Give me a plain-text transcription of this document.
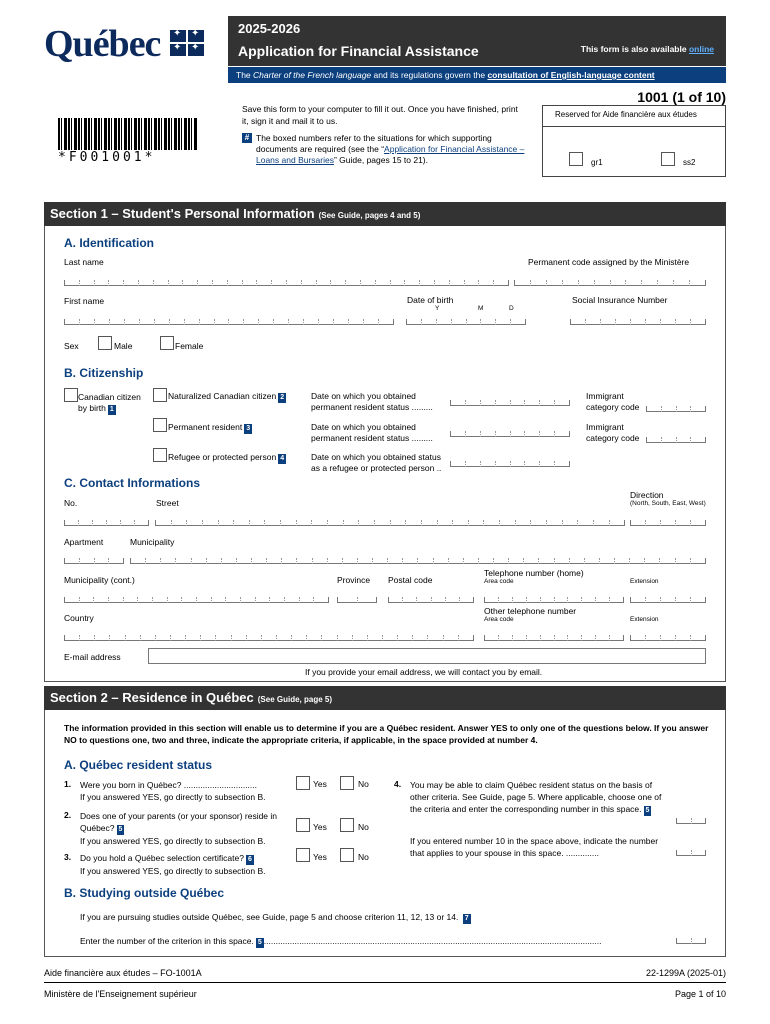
Québec
✦
✦
✦
✦	2025-2026
Application for Financial Assistance	This form is also available online
The Charter of the French language and its regulations govern the consultation of English-language content
1001 (1 of 10)
*F001001*
Save this form to your computer to fill it out. Once you have finished, print it, sign it and mail it to us.
# The boxed numbers refer to the situations for which supporting documents are required (see the “Application for Financial Assistance – Loans and Bursaries” Guide, pages 15 to 21).
Reserved for Aide financière aux études
gr1	ss2
Section 1 – Student's Personal Information (See Guide, pages 4 and 5)
A. Identification
Last name	Permanent code assigned by the Ministère
First name	Date of birth
Y	M	D
Social Insurance Number
Sex	Male	Female
B. Citizenship
Canadian citizen by birth 1
Naturalized Canadian citizen 2	Date on which you obtained permanent resident status .........
Immigrant category code
Permanent resident 3	Date on which you obtained permanent resident status .........
Immigrant category code
Refugee or protected person 4	Date on which you obtained status as a refugee or protected person ..
C. Contact Informations
No.	Street
Direction
(North, South, East, West)
Apartment	Municipality
Municipality (cont.)	Province Postal code
Telephone number (home)
Area code	Extension
Country
Other telephone number
Area code	Extension
E-mail address
If you provide your email address, we will contact you by email.
Section 2 – Residence in Québec (See Guide, page 5)
The information provided in this section will enable us to determine if you are a Québec resident. Answer YES to only one of the questions below. If you answer NO to questions one, two and three, indicate the appropriate criteria, if applicable, in the space provided at number 4.
A. Québec resident status
1. Were you born in Québec? ...............................
If you answered YES, go directly to subsection B.
Yes	No
2. Does one of your parents (or your sponsor) reside in Québec? 5
If you answered YES, go directly to subsection B.
Yes	No
3. Do you hold a Québec selection certificate? 6
If you answered YES, go directly to subsection B.
Yes	No
4. You may be able to claim Québec resident status on the basis of other criteria. See Guide, page 5. Where applicable, choose one of the criteria and enter the corresponding number in this space. 5
If you entered number 10 in the space above, indicate the number that applies to your spouse in this space. ..............
B. Studying outside Québec
If you are pursuing studies outside Québec, see Guide, page 5 and choose criterion 11, 12, 13 or 14. 7
Enter the number of the criterion in this space. 5 ...............................................................................................................................................
Aide financière aux études – FO-1001A	22-1299A (2025-01)
Ministère de l'Enseignement supérieur	Page 1 of 10
